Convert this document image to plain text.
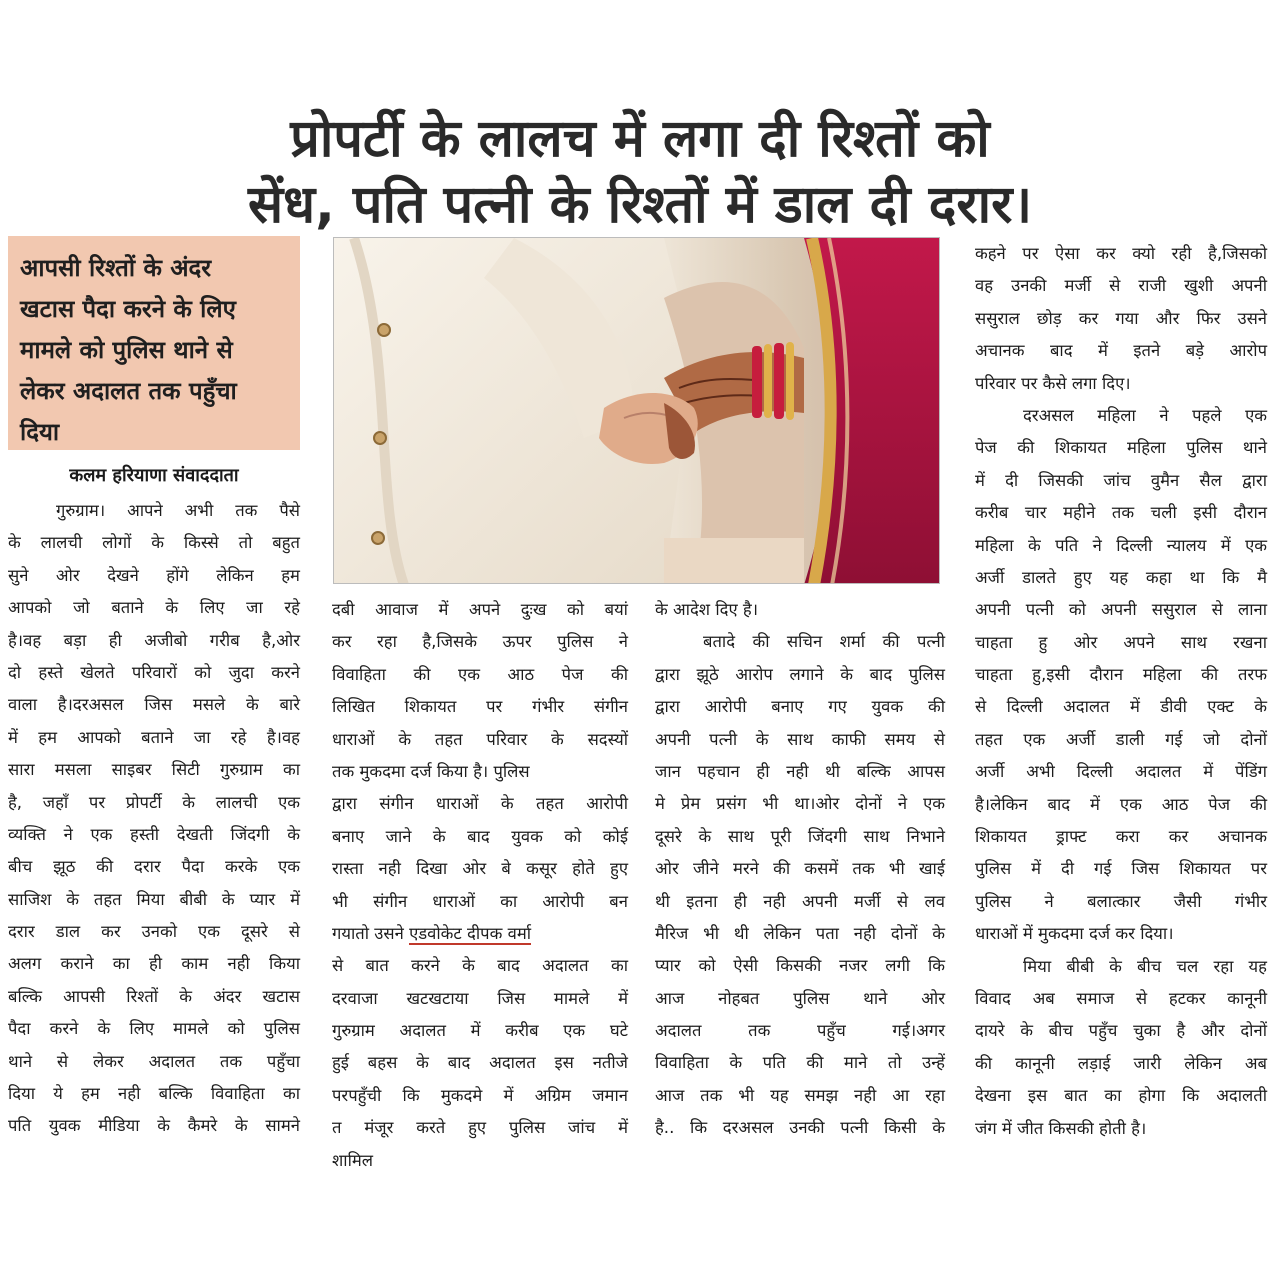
प्रोपर्टी के लालच में लगा दी रिश्तों को
सेंध, पति पत्नी के रिश्तों में डाल दी दरार।
आपसी रिश्तों के अंदर
खटास पैदा करने के लिए
मामले को पुलिस थाने से
लेकर अदालत तक पहुँचा
दिया
कलम हरियाणा संवाददाता
गुरुग्राम। आपने अभी तक पैसे
के लालची लोगों के किस्से तो बहुत
सुने ओर देखने होंगे लेकिन हम
आपको जो बताने के लिए जा रहे
है।वह बड़ा ही अजीबो गरीब है,ओर
दो हस्ते खेलते परिवारों को जुदा करने
वाला है।दरअसल जिस मसले के बारे
में हम आपको बताने जा रहे है।वह
सारा मसला साइबर सिटी गुरुग्राम का
है, जहाँ पर प्रोपर्टी के लालची एक
व्यक्ति ने एक हस्ती देखती जिंदगी के
बीच झूठ की दरार पैदा करके एक
साजिश के तहत मिया बीबी के प्यार में
दरार डाल कर उनको एक दूसरे से
अलग कराने का ही काम नही किया
बल्कि आपसी रिश्तों के अंदर खटास
पैदा करने के लिए मामले को पुलिस
थाने से लेकर अदालत तक पहुँचा
दिया ये हम नही बल्कि विवाहिता का
पति युवक मीडिया के कैमरे के सामने
दबी आवाज में अपने दुःख को बयां
कर रहा है,जिसके ऊपर पुलिस ने
विवाहिता की एक आठ पेज की
लिखित शिकायत पर गंभीर संगीन
धाराओं के तहत परिवार के सदस्यों
तक मुकदमा दर्ज किया है। पुलिस
द्वारा संगीन धाराओं के तहत आरोपी
बनाए जाने के बाद युवक को कोई
रास्ता नही दिखा ओर बे कसूर होते हुए
भी संगीन धाराओं का आरोपी बन
गयातो उसने एडवोकेट दीपक वर्मा
से बात करने के बाद अदालत का
दरवाजा खटखटाया जिस मामले में
गुरुग्राम अदालत में करीब एक घटे
हुई बहस के बाद अदालत इस नतीजे
परपहुँची कि मुकदमे में अग्रिम जमान
त मंजूर करते हुए पुलिस जांच में
शामिल
के आदेश दिए है।
बतादे की सचिन शर्मा की पत्नी
द्वारा झूठे आरोप लगाने के बाद पुलिस
द्वारा आरोपी बनाए गए युवक की
अपनी पत्नी के साथ काफी समय से
जान पहचान ही नही थी बल्कि आपस
मे प्रेम प्रसंग भी था।ओर दोनों ने एक
दूसरे के साथ पूरी जिंदगी साथ निभाने
ओर जीने मरने की कसमें तक भी खाई
थी इतना ही नही अपनी मर्जी से लव
मैरिज भी थी लेकिन पता नही दोनों के
प्यार को ऐसी किसकी नजर लगी कि
आज नोहबत पुलिस थाने ओर
अदालत तक पहुँच गई।अगर
विवाहिता के पति की माने तो उन्हें
आज तक भी यह समझ नही आ रहा
है.. कि दरअसल उनकी पत्नी किसी के
कहने पर ऐसा कर क्यो रही है,जिसको
वह उनकी मर्जी से राजी खुशी अपनी
ससुराल छोड़ कर गया और फिर उसने
अचानक बाद में इतने बड़े आरोप
परिवार पर कैसे लगा दिए।
दरअसल महिला ने पहले एक
पेज की शिकायत महिला पुलिस थाने
में दी जिसकी जांच वुमैन सैल द्वारा
करीब चार महीने तक चली इसी दौरान
महिला के पति ने दिल्ली न्यालय में एक
अर्जी डालते हुए यह कहा था कि मै
अपनी पत्नी को अपनी ससुराल से लाना
चाहता हु ओर अपने साथ रखना
चाहता हु,इसी दौरान महिला की तरफ
से दिल्ली अदालत में डीवी एक्ट के
तहत एक अर्जी डाली गई जो दोनों
अर्जी अभी दिल्ली अदालत में पेंडिंग
है।लेकिन बाद में एक आठ पेज की
शिकायत ड्राफ्ट करा कर अचानक
पुलिस में दी गई जिस शिकायत पर
पुलिस ने बलात्कार जैसी गंभीर
धाराओं में मुकदमा दर्ज कर दिया।
मिया बीबी के बीच चल रहा यह
विवाद अब समाज से हटकर कानूनी
दायरे के बीच पहुँच चुका है और दोनों
की कानूनी लड़ाई जारी लेकिन अब
देखना इस बात का होगा कि अदालती
जंग में जीत किसकी होती है।
